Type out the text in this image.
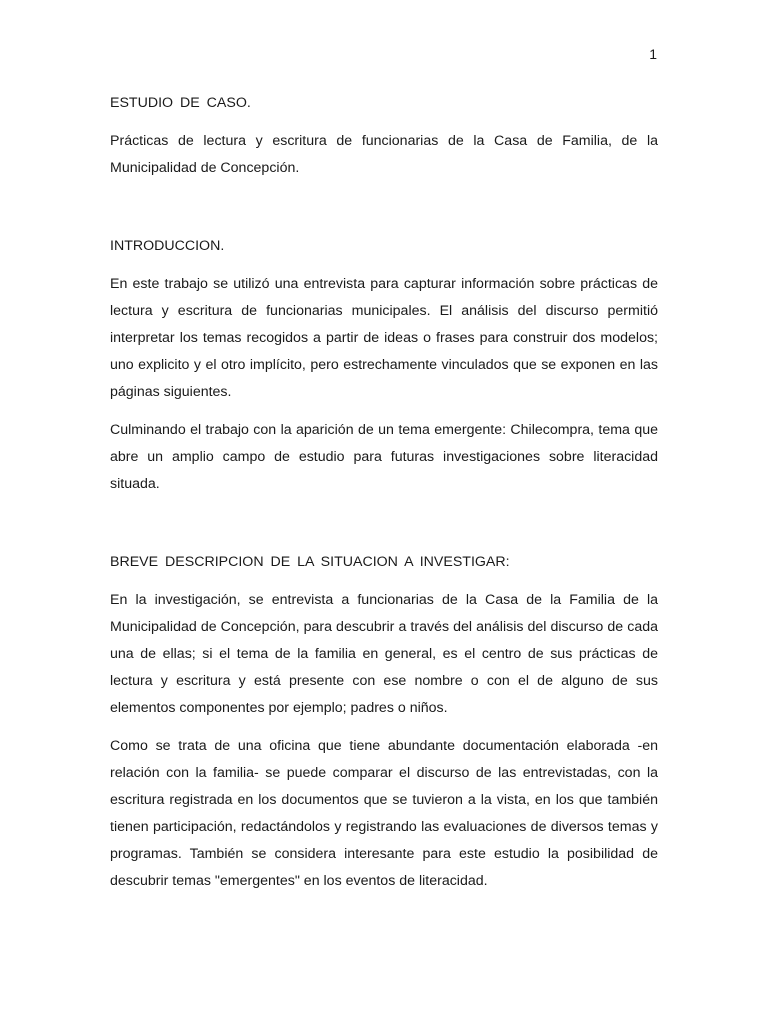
1
ESTUDIO DE CASO.

Prácticas de lectura y escritura de funcionarias de la Casa de Familia, de la Municipalidad de Concepción.

INTRODUCCION.

En este trabajo se utilizó una entrevista para capturar información sobre prácticas de lectura y escritura de funcionarias municipales. El análisis del discurso permitió interpretar los temas recogidos a partir de ideas o frases para construir dos modelos; uno explicito y el otro implícito, pero estrechamente vinculados que se exponen en las páginas siguientes.

Culminando el trabajo con la aparición de un tema emergente: Chilecompra, tema que abre un amplio campo de estudio para futuras investigaciones sobre literacidad situada.

BREVE DESCRIPCION DE LA SITUACION A INVESTIGAR:

En la investigación, se entrevista a funcionarias de la Casa de la Familia de la Municipalidad de Concepción, para descubrir a través del análisis del discurso de cada una de ellas; si el tema de la familia en general, es el centro de sus prácticas de lectura y escritura y está presente con ese nombre o con el de alguno de sus elementos componentes por ejemplo; padres o niños.

Como se trata de una oficina que tiene abundante documentación elaborada -en relación con la familia- se puede comparar el discurso de las entrevistadas, con la escritura registrada en los documentos que se tuvieron a la vista, en los que también tienen participación, redactándolos y registrando las evaluaciones de diversos temas y programas. También se considera interesante para este estudio la posibilidad de descubrir temas "emergentes" en los eventos de literacidad.
